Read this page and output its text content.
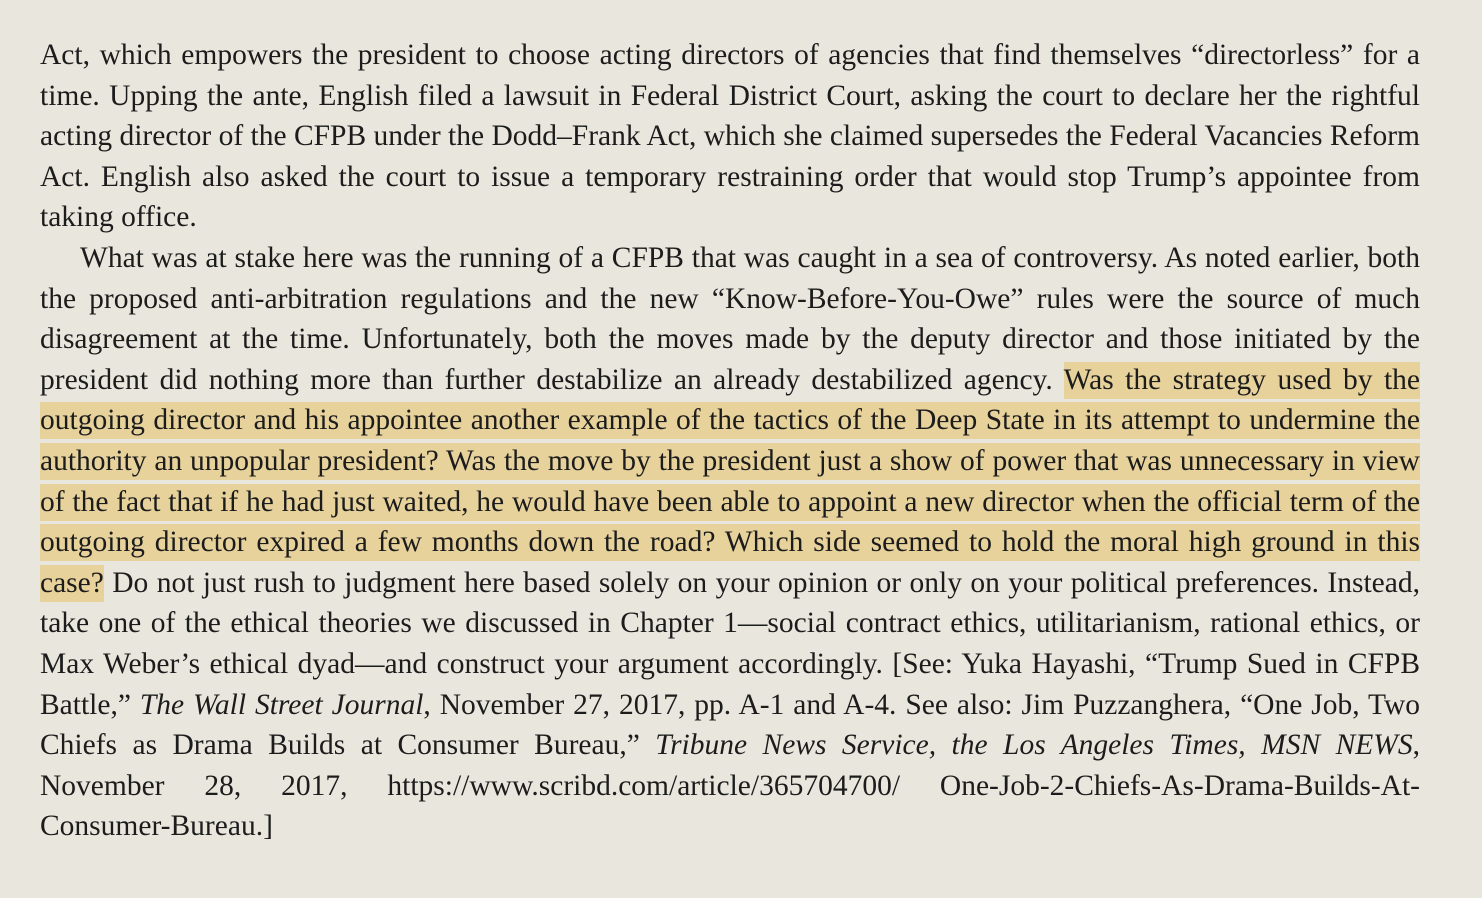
Act, which empowers the president to choose acting directors of agencies that find themselves “directorless” for a time. Upping the ante, English filed a lawsuit in Federal District Court, asking the court to declare her the rightful acting director of the CFPB under the Dodd–Frank Act, which she claimed supersedes the Federal Vacancies Reform Act. English also asked the court to issue a temporary restraining order that would stop Trump’s appointee from taking office.

What was at stake here was the running of a CFPB that was caught in a sea of controversy. As noted earlier, both the proposed anti-arbitration regulations and the new “Know-Before-You-Owe” rules were the source of much disagreement at the time. Unfortunately, both the moves made by the deputy director and those initiated by the president did nothing more than further destabilize an already destabilized agency. Was the strategy used by the outgoing director and his appointee another example of the tactics of the Deep State in its attempt to undermine the authority an unpopular president? Was the move by the president just a show of power that was unnecessary in view of the fact that if he had just waited, he would have been able to appoint a new director when the official term of the outgoing director expired a few months down the road? Which side seemed to hold the moral high ground in this case? Do not just rush to judgment here based solely on your opinion or only on your political preferences. Instead, take one of the ethical theories we discussed in Chapter 1—social contract ethics, utilitarianism, rational ethics, or Max Weber’s ethical dyad—and construct your argument accordingly. [See: Yuka Hayashi, “Trump Sued in CFPB Battle,” The Wall Street Journal, November 27, 2017, pp. A-1 and A-4. See also: Jim Puzzanghera, “One Job, Two Chiefs as Drama Builds at Consumer Bureau,” Tribune News Service, the Los Angeles Times, MSN NEWS, November 28, 2017, https://www.scribd.com/article/365704700/ One-Job-2-Chiefs-As-Drama-Builds-At-Consumer-Bureau.]
